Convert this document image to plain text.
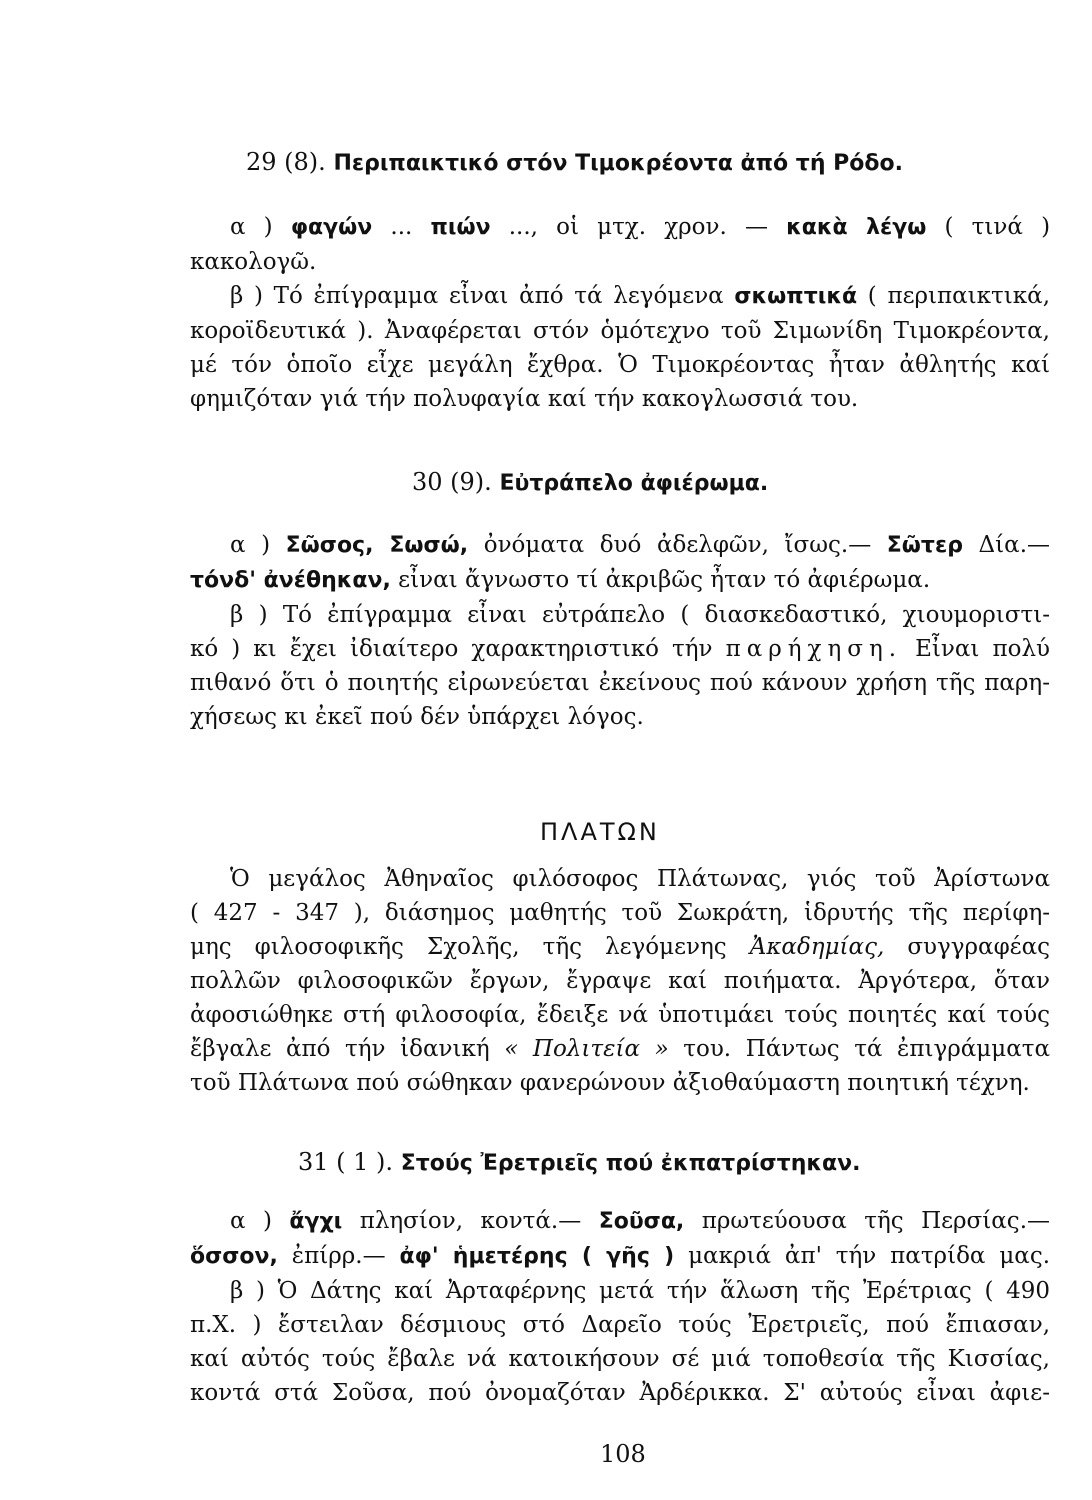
29 (8). Περιπαικτικό στόν Τιμοκρέοντα ἀπό τή Ρόδο.
α ) φαγών ... πιών ..., οἱ μτχ. χρον. — κακὰ λέγω ( τινά )
κακολογῶ.
β ) Τό ἐπίγραμμα εἶναι ἀπό τά λεγόμενα σκωπτικά ( περιπαικτικά,
κοροϊδευτικά ). Ἀναφέρεται στόν ὁμότεχνο τοῦ Σιμωνίδη Τιμοκρέοντα,
μέ τόν ὁποῖο εἶχε μεγάλη ἔχθρα. Ὁ Τιμοκρέοντας ἦταν ἀθλητής καί
φημιζόταν γιά τήν πολυφαγία καί τήν κακογλωσσιά του.
30 (9). Εὐτράπελο ἀφιέρωμα.
α ) Σῶσος, Σωσώ, ὀνόματα δυό ἀδελφῶν, ἴσως.— Σῶτερ Δία.—
τόνδ' ἀνέθηκαν, εἶναι ἄγνωστο τί ἀκριβῶς ἦταν τό ἀφιέρωμα.
β ) Τό ἐπίγραμμα εἶναι εὐτράπελο ( διασκεδαστικό, χιουμοριστι-
κό ) κι ἔχει ἰδιαίτερο χαρακτηριστικό τήν παρήχηση. Εἶναι πολύ
πιθανό ὅτι ὁ ποιητής εἰρωνεύεται ἐκείνους πού κάνουν χρήση τῆς παρη-
χήσεως κι ἐκεῖ πού δέν ὑπάρχει λόγος.
ΠΛΑΤΩΝ
Ὁ μεγάλος Ἀθηναῖος φιλόσοφος Πλάτωνας, γιός τοῦ Ἀρίστωνα
( 427 - 347 ), διάσημος μαθητής τοῦ Σωκράτη, ἱδρυτής τῆς περίφη-
μης φιλοσοφικῆς Σχολῆς, τῆς λεγόμενης Ἀκαδημίας, συγγραφέας
πολλῶν φιλοσοφικῶν ἔργων, ἔγραψε καί ποιήματα. Ἀργότερα, ὅταν
ἀφοσιώθηκε στή φιλοσοφία, ἔδειξε νά ὑποτιμάει τούς ποιητές καί τούς
ἔβγαλε ἀπό τήν ἰδανική « Πολιτεία » του. Πάντως τά ἐπιγράμματα
τοῦ Πλάτωνα πού σώθηκαν φανερώνουν ἀξιοθαύμαστη ποιητική τέχνη.
31 ( 1 ). Στούς Ἐρετριεῖς πού ἐκπατρίστηκαν.
α ) ἄγχι πλησίον, κοντά.— Σοῦσα, πρωτεύουσα τῆς Περσίας.—
ὅσσον, ἐπίρρ.— ἀφ' ἡμετέρης ( γῆς ) μακριά ἀπ' τήν πατρίδα μας.
β ) Ὁ Δάτης καί Ἀρταφέρνης μετά τήν ἅλωση τῆς Ἐρέτριας ( 490
π.Χ. ) ἔστειλαν δέσμιους στό Δαρεῖο τούς Ἐρετριεῖς, πού ἔπιασαν,
καί αὐτός τούς ἔβαλε νά κατοικήσουν σέ μιά τοποθεσία τῆς Κισσίας,
κοντά στά Σοῦσα, πού ὀνομαζόταν Ἀρδέρικκα. Σ' αὐτούς εἶναι ἀφιε-
108
